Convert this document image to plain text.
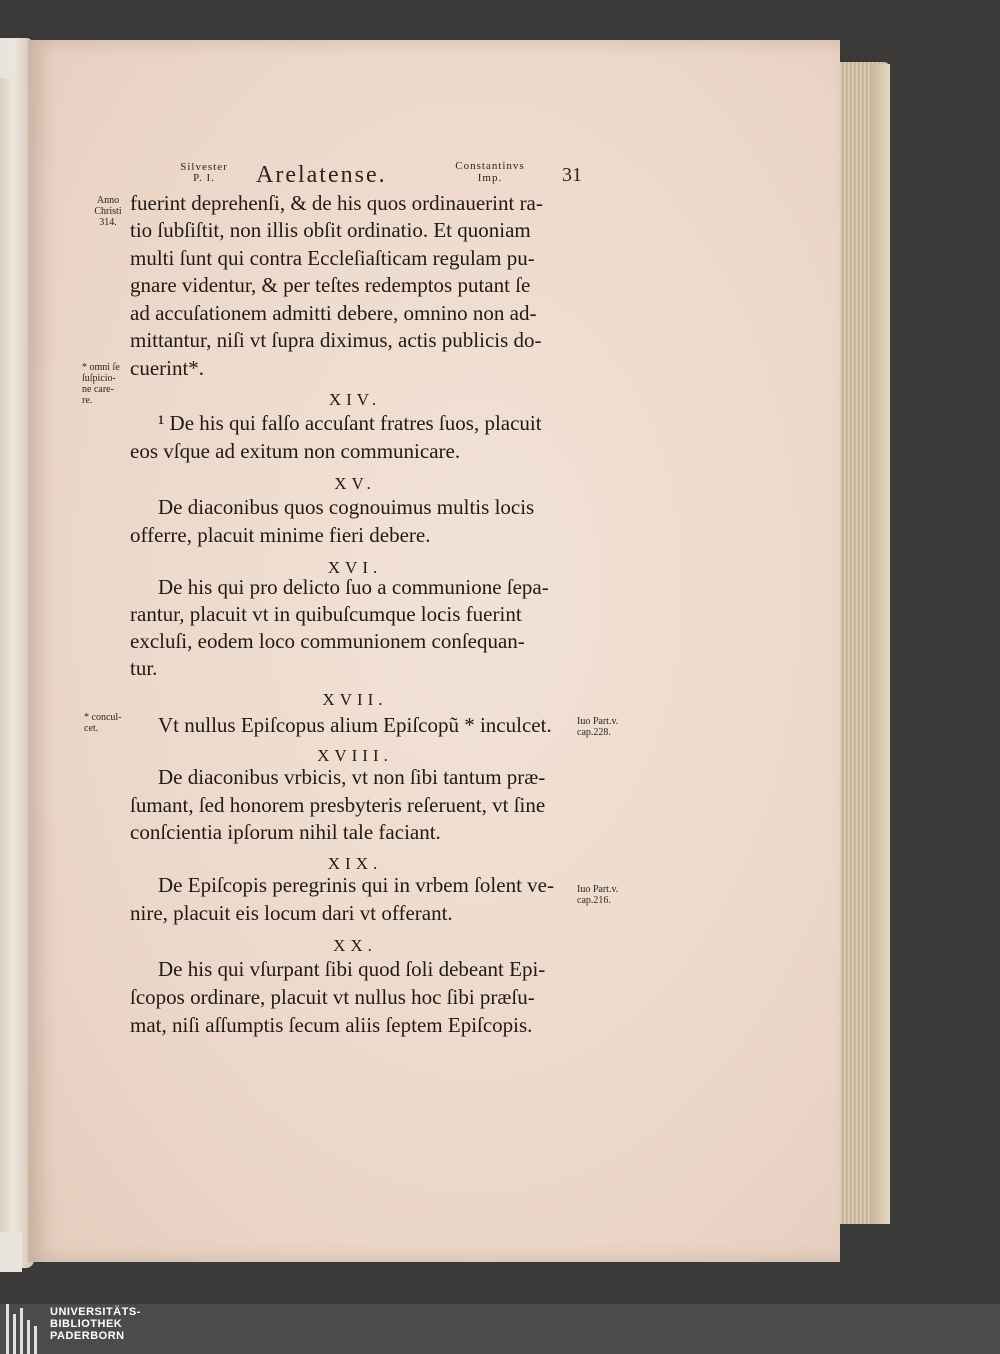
Silvester
P. I.	Arelatense.	Constantinvs
Imp.	31
Anno
Christi
314.
* omni ſe
ſuſpicio-
ne care-
re.
* concul-
cet.
Iuo Part.v.
cap.228.
Iuo Part.v.
cap.216.
fuerint deprehenſi, & de his quos ordinauerint ra-
tio ſubſiſtit, non illis obſit ordinatio. Et quoniam
multi ſunt qui contra Eccleſiaſticam regulam pu-
gnare videntur, & per teſtes redemptos putant ſe
ad accuſationem admitti debere, omnino non ad-
mittantur, niſi vt ſupra diximus, actis publicis do-
cuerint*.
XIV.
¹ De his qui falſo accuſant fratres ſuos, placuit
eos vſque ad exitum non communicare.
XV.
De diaconibus quos cognouimus multis locis
offerre, placuit minime fieri debere.
XVI.
De his qui pro delicto ſuo a communione ſepa-
rantur, placuit vt in quibuſcumque locis fuerint
excluſi, eodem loco communionem conſequan-
tur.
XVII.
Vt nullus Epiſcopus alium Epiſcopũ * inculcet.
XVIII.
De diaconibus vrbicis, vt non ſibi tantum præ-
ſumant, ſed honorem presbyteris reſeruent, vt ſine
conſcientia ipſorum nihil tale faciant.
XIX.
De Epiſcopis peregrinis qui in vrbem ſolent ve-
nire, placuit eis locum dari vt offerant.
XX.
De his qui vſurpant ſibi quod ſoli debeant Epi-
ſcopos ordinare, placuit vt nullus hoc ſibi præſu-
mat, niſi aſſumptis ſecum aliis ſeptem Epiſcopis.
UNIVERSITÄTS-
BIBLIOTHEK
PADERBORN
